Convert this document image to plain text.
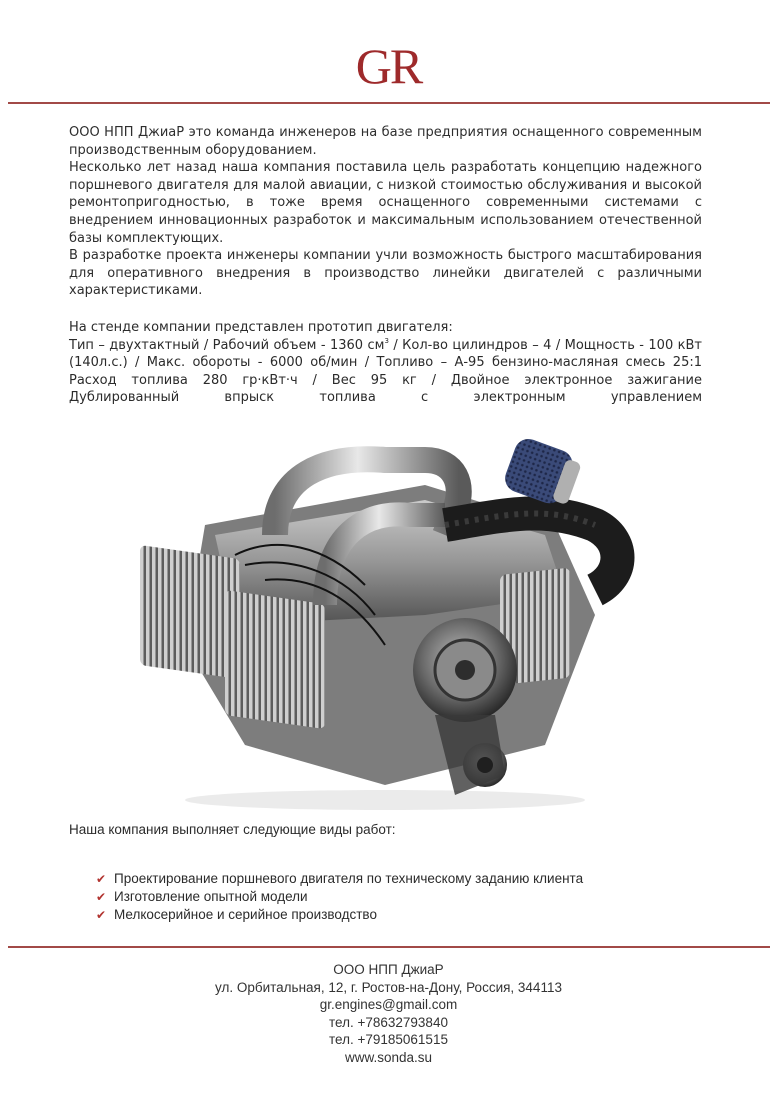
GR

ООО НПП ДжиаР это команда инженеров на базе предприятия оснащенного современным производственным оборудованием.

Несколько лет назад наша компания поставила цель разработать концепцию надежного поршневого двигателя для малой авиации, с низкой стоимостью обслуживания и высокой ремонтопригодностью, в тоже время оснащенного современными системами с внедрением инновационных разработок и максимальным использованием отечественной базы комплектующих.

В разработке проекта инженеры компании учли возможность быстрого масштабирования для оперативного внедрения в производство линейки двигателей с различными характеристиками.

На стенде компании представлен прототип двигателя:

Тип – двухтактный / Рабочий объем - 1360 $см^3 / Кол-во$ цилиндров – 4 / Мощность - 100 кВт

(140л.с.) / Макс. обороты - 6000 об/мин / Топливо – А-95 бензино-масляная смесь 25:1

Расход топлива 280 гр·кВт·ч / Вес 95 кг / Двойное электронное зажигание

Дублированный впрыск топлива с электронным управлением

Наша компания выполняет следующие виды работ:
✔ Проектирование поршневого двигателя по техническому заданию клиента
✔ Изготовление опытной модели
✔ Мелкосерийное и серийное производство
ООО НПП ДжиаР
ул. Орбитальная, 12, г. Ростов-на-Дону, Россия, 344113
gr.engines@gmail.com
тел. +78632793840
тел. +79185061515
www.sonda.su
